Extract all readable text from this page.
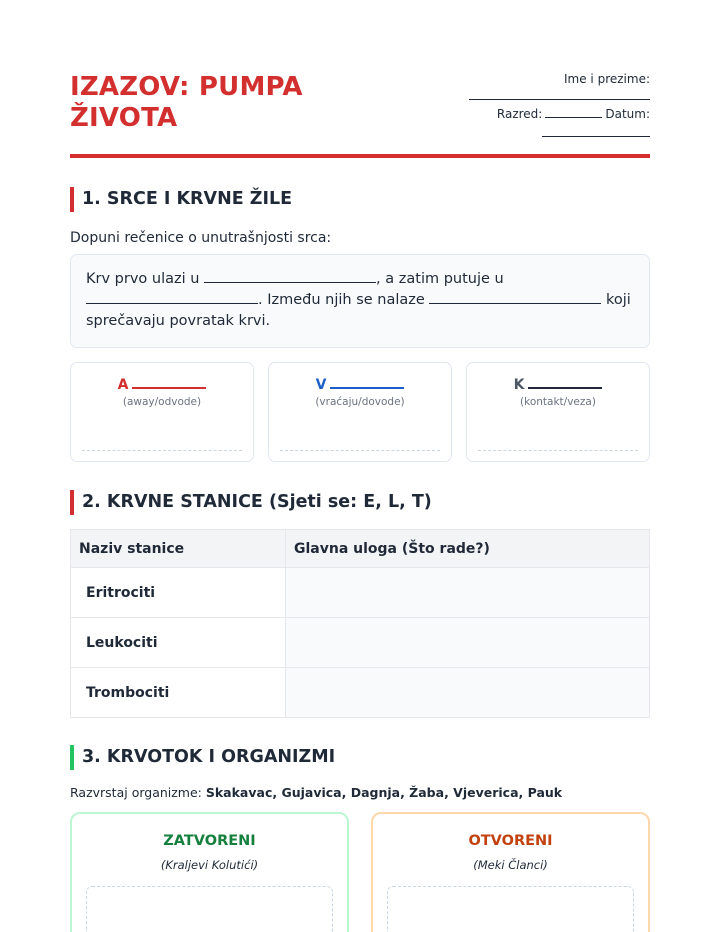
IZAZOV: PUMPA ŽIVOTA
Ime i prezime:
Razred:	Datum:
1. SRCE I KRVNE ŽILE
Dopuni rečenice o unutrašnjosti srca:
Krv prvo ulazi u	, a zatim putuje u . Između njih se nalaze	koji sprečavaju povratak krvi.
A
(away/odvode)
V
(vraćaju/dovode)
K
(kontakt/veza)
2. KRVNE STANICE (Sjeti se: E, L, T)
Naziv stanice	Glavna uloga (Što rade?)
Eritrociti	
Leukociti	
Trombociti	
3. KRVOTOK I ORGANIZMI
Razvrstaj organizme: Skakavac, Gujavica, Dagnja, Žaba, Vjeverica, Pauk
ZATVORENI
(Kraljevi Kolutići)
OTVORENI
(Meki Članci)
